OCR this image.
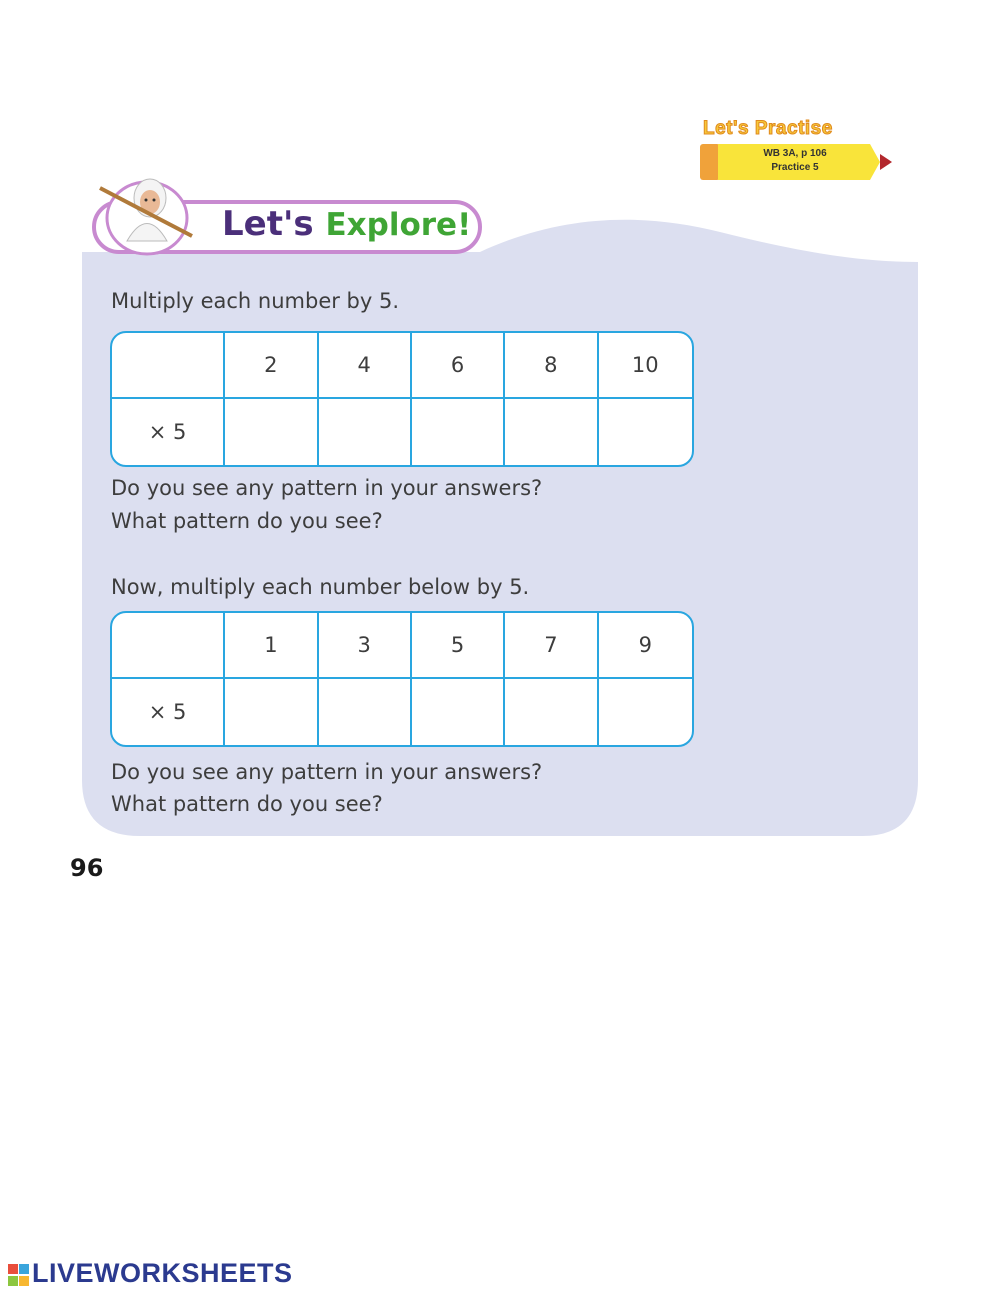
Let's Practise
WB 3A, p 106
Practice 5
Let's Explore!
Multiply each number by 5.
	2	4	6	8	10
× 5					
Do you see any pattern in your answers?
What pattern do you see?
Now, multiply each number below by 5.
	1	3	5	7	9
× 5					
Do you see any pattern in your answers?
What pattern do you see?
96
LIVEWORKSHEETS
